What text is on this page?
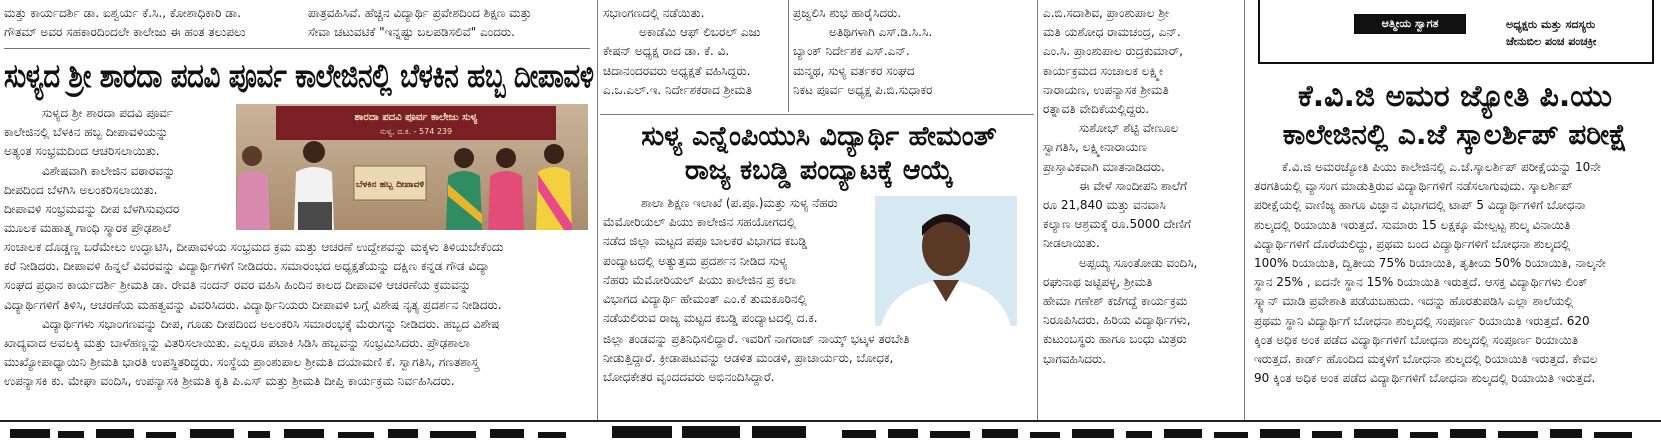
ಮತ್ತು ಕಾರ್ಯದರ್ಶಿ ಡಾ. ಐಶ್ವರ್ಯ ಕೆ.ಸಿ., ಕೋಶಾಧಿಕಾರಿ ಡಾ.

ಗೌತಮ್ ಅವರ ಸಹಕಾರದಿಂದಲೇ ಕಾಲೇಜು ಈ ಹಂತ ತಲುಪಲು

ಪಾತ್ರವಹಿಸಿವೆ. ಹೆಚ್ಚಿನ ವಿದ್ಯಾರ್ಥಿ ಪ್ರವೇಶದಿಂದ ಶಿಕ್ಷಣ ಮತ್ತು

ಸೇವಾ ಚಟುವಟಿಕೆ "ಇನ್ನಷ್ಟು ಬಲಪಡಿಸಲಿವೆ" ಎಂದರು.

ಸುಳ್ಯದ ಶ್ರೀ ಶಾರದಾ ಪದವಿ ಪೂರ್ವ ಕಾಲೇಜಿನಲ್ಲಿ ಬೆಳಕಿನ ಹಬ್ಬ ದೀಪಾವಳಿ

ಸುಳ್ಯದ ಶ್ರೀ ಶಾರದಾ ಪದವಿ ಪೂರ್ವ

ಕಾಲೇಜಿನಲ್ಲಿ ಬೆಳಕಿನ ಹಬ್ಬ ದೀಪಾವಳಿಯನ್ನು

ಅತ್ಯಂತ ಸಂಭ್ರಮದಿಂದ ಆಚರಿಸಲಾಯಿತು.

ವಿಶೇಷವಾಗಿ ಕಾಲೇಜಿನ ವಠಾರವನ್ನು

ದೀಪದಿಂದ ಬೆಳಗಿಸಿ ಅಲಂಕರಿಸಲಾಯಿತು.

ದೀಪಾವಳಿ ಸಂಭ್ರಮವನ್ನು ದೀಪ ಬೆಳಗಿಸುವುದರ

ಮೂಲಕ ಮಹಾತ್ಮ ಗಾಂಧಿ ಸ್ಮಾರಕ ಪ್ರೌಢಶಾಲೆ

ಶಾರದಾ ಪದವಿ ಪೂರ್ವ ಕಾಲೇಜು ಸುಳ್ಯ
ಸುಳ್ಯ, ದ.ಕ. - 574 239
ಬೆಳಕಿನ ಹಬ್ಬ ದೀಪಾವಳಿ

ಸಂಚಾಲಕ ದೊಡ್ಡಣ್ಣ ಬರೆಮೇಲು ಉದ್ಘಾಟಿಸಿ, ದೀಪಾವಳಿಯ ಸಂಭ್ರಮದ ಕ್ರಮ ಮತ್ತು ಆಚರಣೆ ಉದ್ದೇಶವನ್ನು ಮಕ್ಕಳು ತಿಳಿಯಬೇಕೆಂದು

ಕರೆ ನೀಡಿದರು. ದೀಪಾವಳಿ ಹಿನ್ನಲೆ ವಿವರವನ್ನು ವಿದ್ಯಾರ್ಥಿಗಳಿಗೆ ನೀಡಿದರು. ಸಮಾರಂಭದ ಅಧ್ಯಕ್ಷತೆಯನ್ನು ದಕ್ಷಿಣ ಕನ್ನಡ ಗೌಡ ವಿದ್ಯಾ

ಸಂಘದ ಪ್ರಧಾನ ಕಾರ್ಯದರ್ಶಿ ಶ್ರೀಮತಿ ಡಾ. ರೇವತಿ ನಂದನ್ ರವರ ವಹಿಸಿ ಹಿಂದಿನ ಕಾಲದ ದೀಪಾವಳಿ ಆಚರಣೆಯ ಕ್ರಮವನ್ನು

ವಿದ್ಯಾರ್ಥಿಗಳಿಗೆ ತಿಳಿಸಿ, ಆಚರಣೆಯ ಮಹತ್ವವನ್ನು ವಿವರಿಸಿದರು. ವಿದ್ಯಾರ್ಥಿನಿಯರು ದೀಪಾವಳಿ ಬಗ್ಗೆ ವಿಶೇಷ ನೃತ್ಯ ಪ್ರದರ್ಶನ ನೀಡಿದರು.

ವಿದ್ಯಾರ್ಥಿಗಳು ಸಭಾಂಗಣವನ್ನು ದೀಪ, ಗೂಡು ದೀಪದಿಂದ ಅಲಂಕರಿಸಿ ಸಮಾರಂಭಕ್ಕೆ ಮೆರುಗನ್ನು ನೀಡಿದರು. ಹಬ್ಬದ ವಿಶೇಷ

ಖಾದ್ಯವಾದ ಅವಲಕ್ಕಿ ಮತ್ತು ಬಾಳೆಹಣ್ಣನ್ನು ವಿತರಿಸಲಾಯಿತು. ಎಲ್ಲರೂ ಪಟಾಕಿ ಸಿಡಿಸಿ ಹಬ್ಬವನ್ನು ಸಂಭ್ರಮಿಸಿದರು. ಪ್ರೌಢಶಾಲಾ

ಮುಖ್ಯೋಪಾಧ್ಯಾಯಿನಿ ಶ್ರೀಮತಿ ಭಾರತಿ ಉಪಸ್ಥಿತರಿದ್ದರು. ಸಂಸ್ಥೆಯ ಪ್ರಾಂಶುಪಾಲ ಶ್ರೀಮತಿ ದಯಾಮಣಿ ಕೆ. ಸ್ವಾಗತಿಸಿ, ಗಣತಶಾಸ್ತ್ರ

ಉಪನ್ಯಾಸಕಿ ಕು. ಮೇಘಾ ವಂದಿಸಿ, ಉಪನ್ಯಾಸಕಿ ಶ್ರೀಮತಿ ಕೃತಿ ಪಿ.ಎಸ್ ಮತ್ತು ಶ್ರೀಮತಿ ದೀಪ್ತಿ ಕಾರ್ಯಕ್ರಮ ನಿರ್ವಹಿಸಿದರು.

ಸಭಾಂಗಣದಲ್ಲಿ ನಡೆಯಿತು.

ಅಕಾಡೆಮಿ ಆಫ್ ಲಿಬರಲ್ ಎಜು

ಕೇಷನ್ ಅಧ್ಯಕ್ಷ ರಾದ ಡಾ. ಕೆ. ವಿ.

ಚಿದಾನಂದರವರು ಅಧ್ಯಕ್ಷತೆ ವಹಿಸಿದ್ದರು.

ಎ.ಒ.ಎಲ್.ಇ. ನಿರ್ದೇಶಕರಾದ ಶ್ರೀಮತಿ

ಪ್ರಜ್ವಲಿಸಿ ಶುಭ ಹಾರೈಸಿದರು.

ಅತಿಥಿಗಳಾಗಿ ಎಸ್.ಡಿ.ಸಿ.ಸಿ.

ಬ್ಯಾಂಕ್ ನಿರ್ದೇಶಕ ಎಸ್.ಎನ್.

ಮನ್ಮಥ, ಸುಳ್ಯ ವರ್ತಕರ ಸಂಘದ

ನಿಕಟ ಪೂರ್ವ ಅಧ್ಯಕ್ಷ ಪಿ.ಬಿ.ಸುಧಾಕರ

ಸುಳ್ಯ ಎನ್ನೆಂಪಿಯುಸಿ ವಿದ್ಯಾರ್ಥಿ ಹೇಮಂತ್
ರಾಜ್ಯ ಕಬಡ್ಡಿ ಪಂದ್ಯಾಟಕ್ಕೆ ಆಯ್ಕೆ

ಶಾಲಾ ಶಿಕ್ಷಣ ಇಲಾಖೆ (ಪ.ಪೂ.)ಮತ್ತು ಸುಳ್ಯ ನೆಹರು

ಮೆಮೋರಿಯಲ್ ಪಿಯು ಕಾಲೇಜಿನ ಸಹಯೋಗದಲ್ಲಿ

ನಡೆದ ಜಿಲ್ಲಾ ಮಟ್ಟದ ಪಪೂ ಬಾಲಕರ ವಿಭಾಗದ ಕಬಡ್ಡಿ

ಪಂದ್ಯಾಟದಲ್ಲಿ ಅತ್ಯುತ್ತಮ ಪ್ರದರ್ಶನ ನೀಡಿದ ಸುಳ್ಯ

ನೆಹರು ಮೆಮೋರಿಯಲ್ ಪಿಯು ಕಾಲೇಜಿನ ಪ್ರ ಕಲಾ

ವಿಭಾಗದ ವಿದ್ಯಾರ್ಥಿ ಹೇಮಂತ್ ಎಂ.ಕೆ ತುಮಕೂರಿನಲ್ಲಿ

ನಡೆಯಲಿರುವ ರಾಜ್ಯ ಮಟ್ಟದ ಕಬಡ್ಡಿ ಪಂದ್ಯಾಟದಲ್ಲಿ ದ.ಕ.

ಜಿಲ್ಲಾ ತಂಡವನ್ನು ಪ್ರತಿನಿಧಿಸಲಿದ್ದಾರೆ. ಇವರಿಗೆ ನಾಗರಾಜ್ ನಾಯ್ಕ್ ಭಟ್ಕಳ ತರಬೇತಿ

ನೀಡುತ್ತಿದ್ದಾರೆ. ಕ್ರೀಡಾಪಟುವನ್ನು ಆಡಳಿತ ಮಂಡಳಿ, ಪ್ರಾಚಾರ್ಯರು, ಬೋಧಕ,

ಬೋಧಕೇತರ ವೃಂದದವರು ಅಭಿನಂದಿಸಿದ್ದಾರೆ.

ಎ.ಬಿ.ಸದಾಶಿವ, ಪ್ರಾಂಶುಪಾಲ ಶ್ರೀ

ಮತಿ ಯಶೋಧ ರಾಮಚಂದ್ರ, ಎನ್.

ಎಂ.ಸಿ. ಪ್ರಾಂಶುಪಾಲ ರುದ್ರಕುಮಾರ್,

ಕಾರ್ಯಕ್ರಮದ ಸಂಚಾಲಕ ಲಕ್ಷ್ಮೀ

ನಾರಾಯಣ, ಉಪನ್ಯಾಸಕ ಶ್ರೀಮತಿ

ರತ್ನಾವತಿ ವೇದಿಕೆಯಲ್ಲಿದ್ದರು.

ಸುಶೋಭ್ ಶೆಟ್ಟಿ ವೇಣೂಲ

ಸ್ವಾಗತಿಸಿ, ಲಕ್ಷ್ಮೀನಾರಾಯಣ

ಪ್ರಾಸ್ತಾವಿಕವಾಗಿ ಮಾತನಾಡಿದರು.

ಈ ವೇಳೆ ಸಾಂದೀಪನಿ ಶಾಲೆಗೆ

ರೂ 21,840 ಮತ್ತು ವನವಾಸಿ

ಕಲ್ಯಾಣ ಆಶ್ರಮಕ್ಕೆ ರೂ.5000 ದೇಣಿಗೆ

ನೀಡಲಾಯಿತು.

ಅಪ್ಪಯ್ಯ ಸೂಂತೋಡು ವಂದಿಸಿ,

ರಘುನಾಥ ಜಟ್ಟಿಪಳ್ಳ, ಶ್ರೀಮತಿ

ಹೇಮಾ ಗಣೇಶ್ ಕಜೆಗದ್ದೆ ಕಾರ್ಯಕ್ರಮ

ನಿರೂಪಿಸಿದರು. ಹಿರಿಯ ವಿದ್ಯಾರ್ಥಿಗಳು,

ಕುಟುಂಬಸ್ಥರು ಹಾಗೂ ಬಂಧು ಮಿತ್ರರು

ಭಾಗವಹಿಸಿದರು.

ಆತ್ಮೀಯ ಸ್ವಾಗತ	ಅಧ್ಯಕ್ಷರು ಮತ್ತು ಸದಸ್ಯರು
ಜೇನುಬಿಲ ಪಂಚ ಪಂಚಕ್ರೀ
ಕೆ.ವಿ.ಜಿ ಅಮರ ಜ್ಯೋತಿ ಪಿ.ಯು
ಕಾಲೇಜಿನಲ್ಲಿ ಎ.ಜೆ ಸ್ಕಾಲರ್ಶಿಪ್ ಪರೀಕ್ಷೆ

ಕೆ.ವಿ.ಜಿ ಅಮರಜ್ಯೋತಿ ಪಿಯು ಕಾಲೇಜಿನಲ್ಲಿ ಎ.ಜೆ.ಸ್ಕಾಲರ್ಶಿಪ್ ಪರೀಕ್ಷೆಯನ್ನು 10ನೇ

ತರಗತಿಯಲ್ಲಿ ವ್ಯಾಸಂಗ ಮಾಡುತ್ತಿರುವ ವಿದ್ಯಾರ್ಥಿಗಳಿಗೆ ನಡೆಸಲಾಗುವುದು. ಸ್ಕಾಲರ್ಶಿಪ್

ಪರೀಕ್ಷೆಯಲ್ಲಿ ವಾಣಿಜ್ಯ ಹಾಗೂ ವಿಜ್ಞಾನ ವಿಭಾಗದಲ್ಲಿ ಟಾಪ್ 5 ವಿದ್ಯಾರ್ಥಿಗಳಿಗೆ ಬೋಧನಾ

ಶುಲ್ಕದಲ್ಲಿ ರಿಯಾಯಿತಿ ಇರುತ್ತದೆ. ಸುಮಾರು 15 ಲಕ್ಷಕ್ಕೂ ಮೇಲ್ಪಟ್ಟ ಶುಲ್ಕ ವಿನಾಯಿತಿ

ವಿದ್ಯಾರ್ಥಿಗಳಿಗೆ ದೊರೆಯಲಿದ್ದು, ಪ್ರಥಮ ಬಂದ ವಿದ್ಯಾರ್ಥಿಗಳಿಗೆ ಬೋಧನಾ ಶುಲ್ಕದಲ್ಲಿ

100% ರಿಯಾಯಿತಿ, ದ್ವಿತೀಯ 75% ರಿಯಾಯಿತಿ, ತೃತೀಯ 50% ರಿಯಾಯಿತಿ, ನಾಲ್ಕನೇ

ಸ್ಥಾನ 25% , ಐದನೇ ಸ್ಥಾನ 15% ರಿಯಾಯಿತಿ ಇರುತ್ತದೆ. ಆಸಕ್ತ ವಿದ್ಯಾರ್ಥಿಗಳು ಲಿಂಕ್

ಸ್ಕ್ಯಾನ್ ಮಾಡಿ ಪ್ರವೇಶಾತಿ ಪಡೆಯಬಹುದು. ಇದನ್ನು ಹೊರತುಪಡಿಸಿ ಎಲ್ಲಾ ಶಾಲೆಯಲ್ಲಿ

ಪ್ರಥಮ ಸ್ಥಾನಿ ವಿದ್ಯಾರ್ಥಿಗೆ ಬೋಧನಾ ಶುಲ್ಕದಲ್ಲಿ ಸಂಪೂರ್ಣ ರಿಯಾಯಿತಿ ಇರುತ್ತದೆ. 620

ಕ್ಕಿಂತ ಅಧಿಕ ಅಂಕ ಪಡೆದ ವಿದ್ಯಾರ್ಥಿಗಳಿಗೆ ಬೋಧನಾ ಶುಲ್ಕದಲ್ಲಿ ಸಂಪೂರ್ಣ ರಿಯಾಯಿತಿ

ಇರುತ್ತದೆ. ಕಾರ್ಡ್ ಹೊಂದಿದ ಮಕ್ಕಳಿಗೆ ಬೋಧನಾ ಶುಲ್ಕದಲ್ಲಿ ರಿಯಾಯಿತಿ ಇರುತ್ತದೆ. ಕೇವಲ

90 ಕ್ಕಿಂತ ಅಧಿಕ ಅಂಕ ಪಡೆದ ವಿದ್ಯಾರ್ಥಿಗಳಿಗೆ ಬೋಧನಾ ಶುಲ್ಕದಲ್ಲಿ ರಿಯಾಯಿತಿ ಇರುತ್ತದೆ.
